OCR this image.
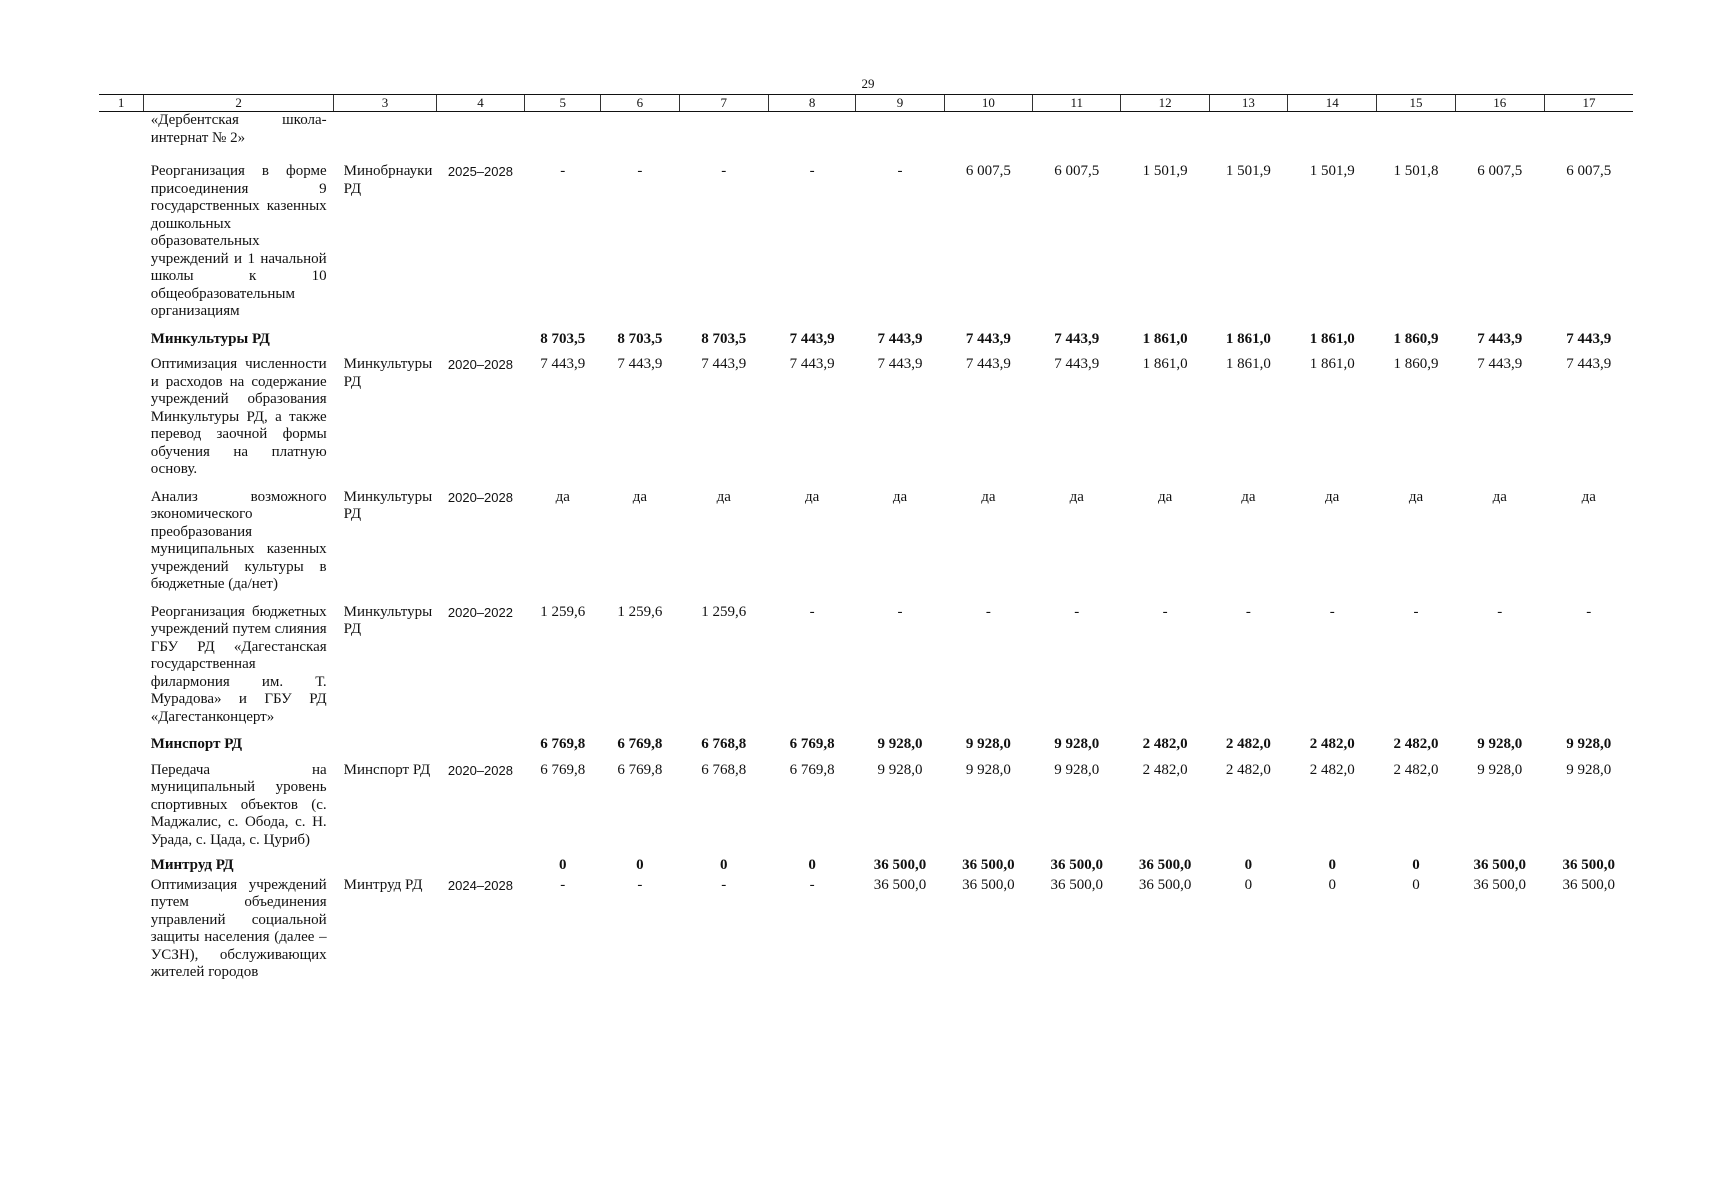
29
1	2	3	4	5	6	7	8	9	10	11	12	13	14	15	16	17
	«Дербентская школа-интернат № 2»															
	Реорганизация в форме присоединения 9 государственных казенных дошкольных образовательных учреждений и 1 начальной школы к 10 общеобразовательным организациям	Минобрнауки РД	2025–2028	-	-	-	-	-	6 007,5	6 007,5	1 501,9	1 501,9	1 501,9	1 501,8	6 007,5	6 007,5
	Минкультуры РД			8 703,5	8 703,5	8 703,5	7 443,9	7 443,9	7 443,9	7 443,9	1 861,0	1 861,0	1 861,0	1 860,9	7 443,9	7 443,9
	Оптимизация численности и расходов на содержание учреждений образования Минкультуры РД, а также перевод заочной формы обучения на платную основу.	Минкультуры РД	2020–2028	7 443,9	7 443,9	7 443,9	7 443,9	7 443,9	7 443,9	7 443,9	1 861,0	1 861,0	1 861,0	1 860,9	7 443,9	7 443,9
	Анализ возможного экономического преобразования муниципальных казенных учреждений культуры в бюджетные (да/нет)	Минкультуры РД	2020–2028	да	да	да	да	да	да	да	да	да	да	да	да	да
	Реорганизация бюджетных учреждений путем слияния ГБУ РД «Дагестанская государственная филармония им. Т. Мурадова» и ГБУ РД «Дагестанконцерт»	Минкультуры РД	2020–2022	1 259,6	1 259,6	1 259,6	-	-	-	-	-	-	-	-	-	-
	Минспорт РД			6 769,8	6 769,8	6 768,8	6 769,8	9 928,0	9 928,0	9 928,0	2 482,0	2 482,0	2 482,0	2 482,0	9 928,0	9 928,0
	Передача на муниципальный уровень спортивных объектов (с. Маджалис, с. Обода, с. Н. Урада, с. Цада, с. Цуриб)	Минспорт РД	2020–2028	6 769,8	6 769,8	6 768,8	6 769,8	9 928,0	9 928,0	9 928,0	2 482,0	2 482,0	2 482,0	2 482,0	9 928,0	9 928,0
	Минтруд РД			0	0	0	0	36 500,0	36 500,0	36 500,0	36 500,0	0	0	0	36 500,0	36 500,0
	Оптимизация учреждений путем объединения управлений социальной защиты населения (далее – УСЗН), обслуживающих жителей городов	Минтруд РД	2024–2028	-	-	-	-	36 500,0	36 500,0	36 500,0	36 500,0	0	0	0	36 500,0	36 500,0
